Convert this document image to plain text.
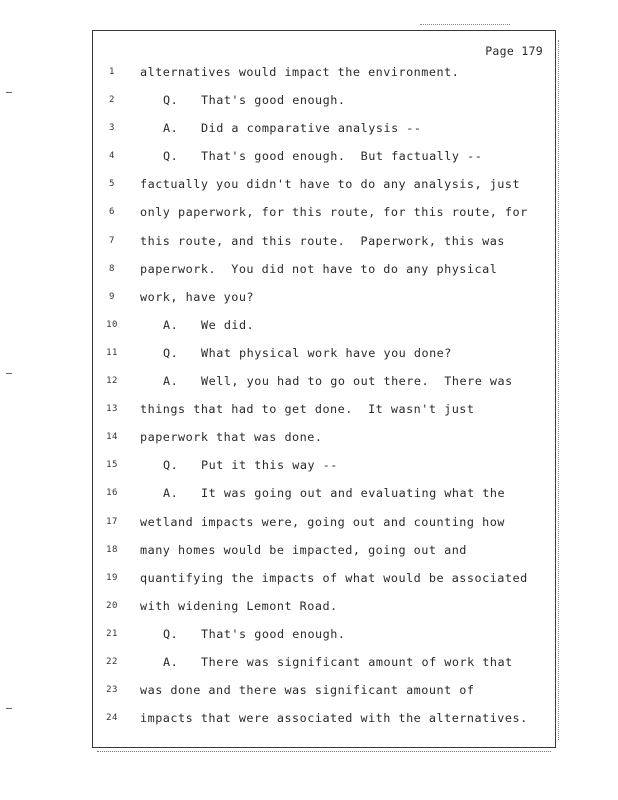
Page 179
1	alternatives would impact the environment.
2	Q.   That's good enough.
3	A.   Did a comparative analysis --
4	Q.   That's good enough.  But factually --
5	factually you didn't have to do any analysis, just
6	only paperwork, for this route, for this route, for
7	this route, and this route.  Paperwork, this was
8	paperwork.  You did not have to do any physical
9	work, have you?
10	A.   We did.
11	Q.   What physical work have you done?
12	A.   Well, you had to go out there.  There was
13	things that had to get done.  It wasn't just
14	paperwork that was done.
15	Q.   Put it this way --
16	A.   It was going out and evaluating what the
17	wetland impacts were, going out and counting how
18	many homes would be impacted, going out and
19	quantifying the impacts of what would be associated
20	with widening Lemont Road.
21	Q.   That's good enough.
22	A.   There was significant amount of work that
23	was done and there was significant amount of
24	impacts that were associated with the alternatives.
